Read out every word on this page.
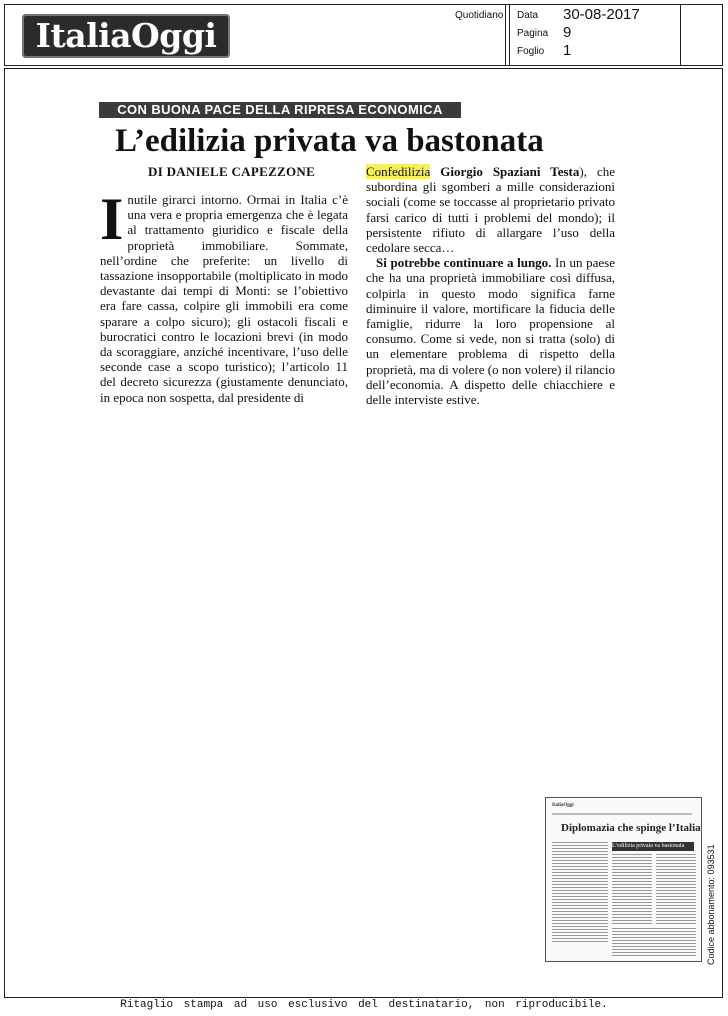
ItaliaOggi
Quotidiano Data 30-08-2017
Pagina 9
Foglio 1
CON BUONA PACE DELLA RIPRESA ECONOMICA
L’edilizia privata va bastonata
DI DANIELE CAPEZZONE
Inutile girarci intorno. Ormai in Italia c’è una vera e propria emergenza che è legata al trattamento giuridico e fiscale della proprietà immobiliare. Sommate, nell’ordine che preferite: un livello di tassazione insopportabile (moltiplicato in modo devastante dai tempi di Monti: se l’obiettivo era fare cassa, colpire gli immobili era come sparare a colpo sicuro); gli ostacoli fiscali e burocratici contro le locazioni brevi (in modo da scoraggiare, anziché incentivare, l’uso delle seconde case a scopo turistico); l’articolo 11 del decreto sicurezza (giustamente denunciato, in epoca non sospetta, dal presidente di

Confedilizia Giorgio Spaziani Testa), che subordina gli sgomberi a mille considerazioni sociali (come se toccasse al proprietario privato farsi carico di tutti i problemi del mondo); il persistente rifiuto di allargare l’uso della cedolare secca…

Si potrebbe continuare a lungo. In un paese che ha una proprietà immobiliare così diffusa, colpirla in questo modo significa farne diminuire il valore, mortificare la fiducia delle famiglie, ridurre la loro propensione al consumo. Come si vede, non si tratta (solo) di un elementare problema di rispetto della proprietà, ma di volere (o non volere) il rilancio dell’economia. A dispetto delle chiacchiere e delle interviste estive.

ItaliaOggi
Diplomazia che spinge l’Italia
L’edilizia privata va bastonata	Codice abbonamento: 093531
Ritaglio stampa ad uso esclusivo del destinatario, non riproducibile.
